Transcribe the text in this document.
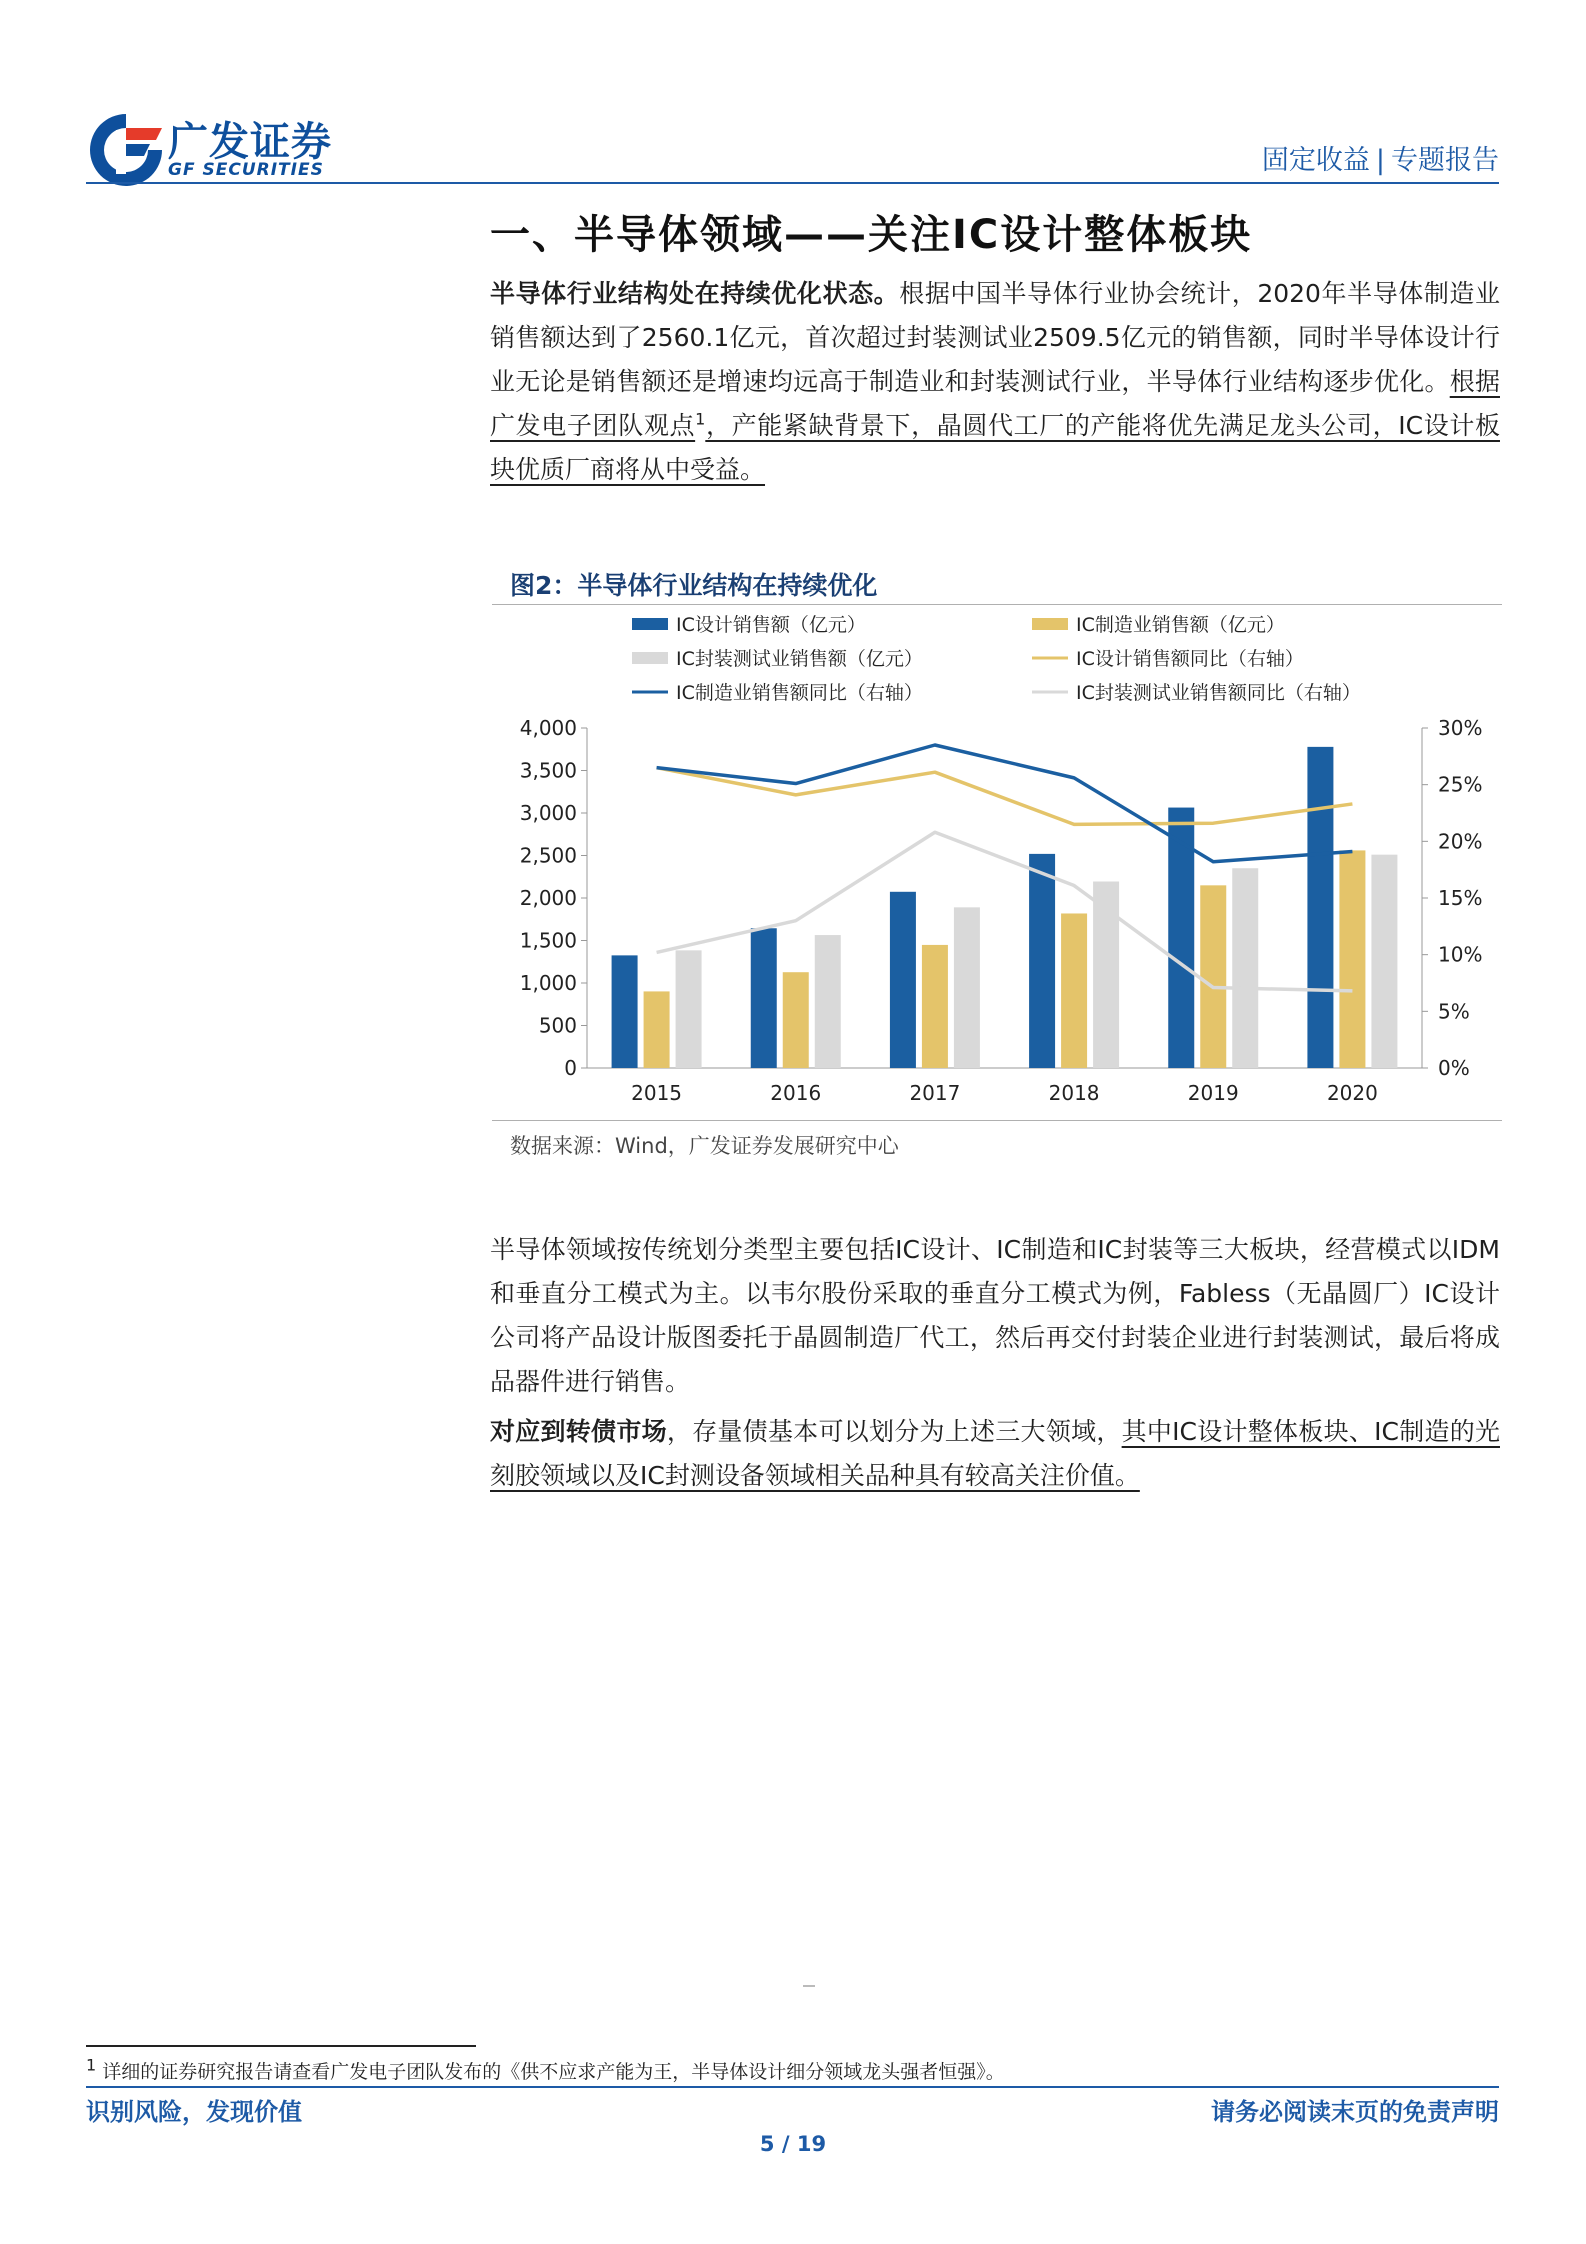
广发证券
GF SECURITIES	固定收益 | 专题报告
一、半导体领域——关注IC设计整体板块
半导体行业结构处在持续优化状态。根据中国半导体行业协会统计，2020年半导体制造业销售额达到了2560.1亿元，首次超过封装测试业2509.5亿元的销售额，同时半导体设计行业无论是销售额还是增速均远高于制造业和封装测试行业，半导体行业结构逐步优化。根据广发电子团队观点$^1$，产能紧缺背景下，晶圆代工厂的产能将优先满足龙头公司，IC设计板块优质厂商将从中受益。
图2：半导体行业结构在持续优化
IC设计销售额（亿元）	IC制造业销售额（亿元）
IC封装测试业销售额（亿元）	IC设计销售额同比（右轴）
IC制造业销售额同比（右轴）	IC封装测试业销售额同比（右轴）
0
500
1,000
1,500
2,000
2,500
3,000
3,500
4,000
0%
5%
10%
15%
20%
25%
30%
2015	2016	2017	2018	2019	2020
数据来源：Wind，广发证券发展研究中心
半导体领域按传统划分类型主要包括IC设计、IC制造和IC封装等三大板块，经营模式以IDM和垂直分工模式为主。以韦尔股份采取的垂直分工模式为例，Fabless（无晶圆厂）IC设计公司将产品设计版图委托于晶圆制造厂代工，然后再交付封装企业进行封装测试，最后将成品器件进行销售。
对应到转债市场，存量债基本可以划分为上述三大领域，其中IC设计整体板块、IC制造的光刻胶领域以及IC封测设备领域相关品种具有较高关注价值。
$^1$ 详细的证券研究报告请查看广发电子团队发布的《供不应求产能为王，半导体设计细分领域龙头强者恒强》。
识别风险，发现价值	请务必阅读末页的免责声明
5 / 19
